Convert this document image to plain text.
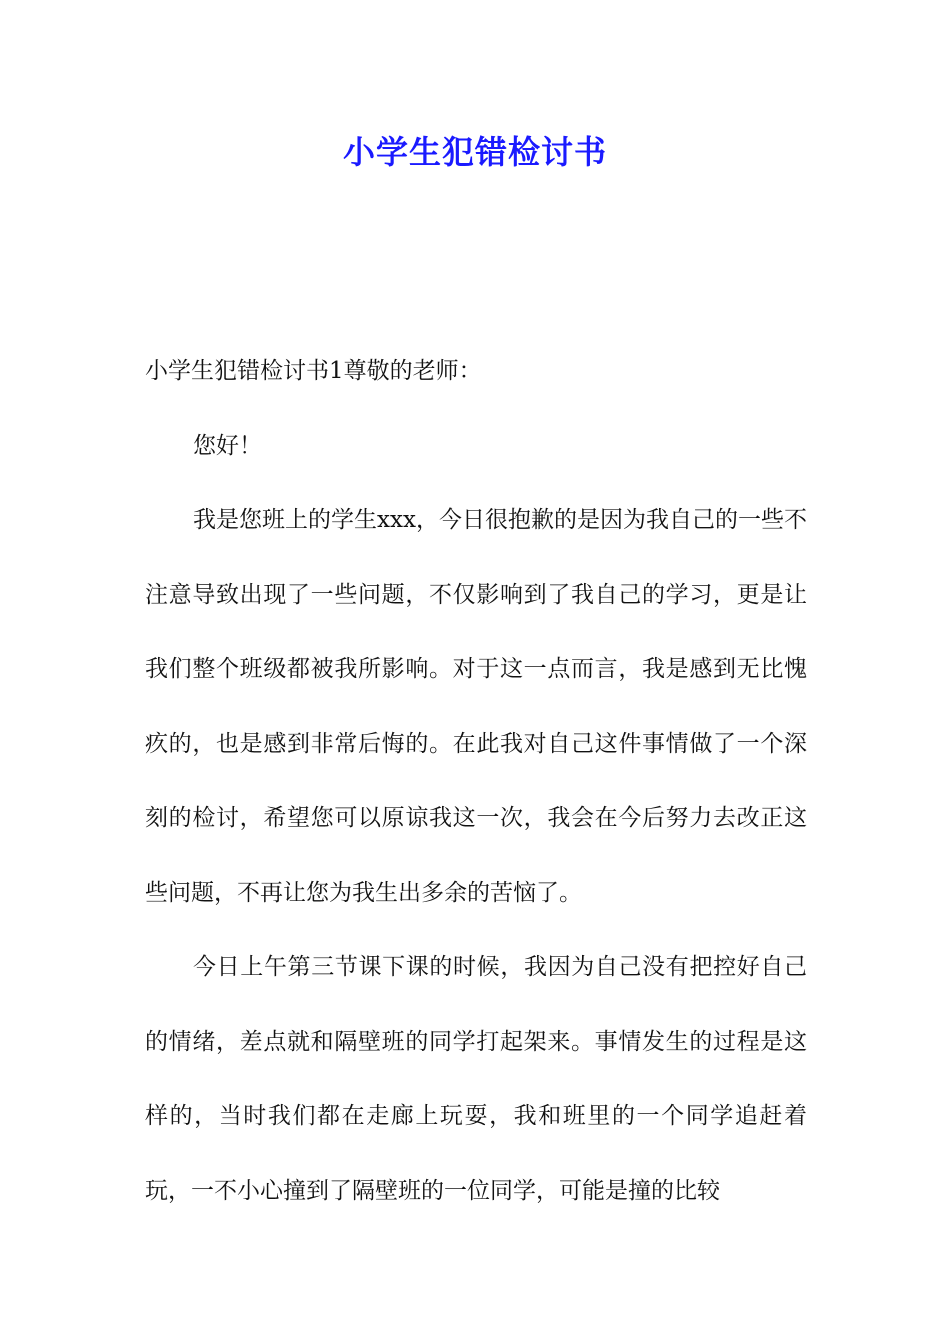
小学生犯错检讨书

小学生犯错检讨书1尊敬的老师：

您好！

我是您班上的学生xxx，今日很抱歉的是因为我自己的一些不注意导致出现了一些问题，不仅影响到了我自己的学习，更是让我们整个班级都被我所影响。对于这一点而言，我是感到无比愧疚的，也是感到非常后悔的。在此我对自己这件事情做了一个深刻的检讨，希望您可以原谅我这一次，我会在今后努力去改正这些问题，不再让您为我生出多余的苦恼了。

今日上午第三节课下课的时候，我因为自己没有把控好自己的情绪，差点就和隔壁班的同学打起架来。事情发生的过程是这样的，当时我们都在走廊上玩耍，我和班里的一个同学追赶着玩，一不小心撞到了隔壁班的一位同学，可能是撞的比较
